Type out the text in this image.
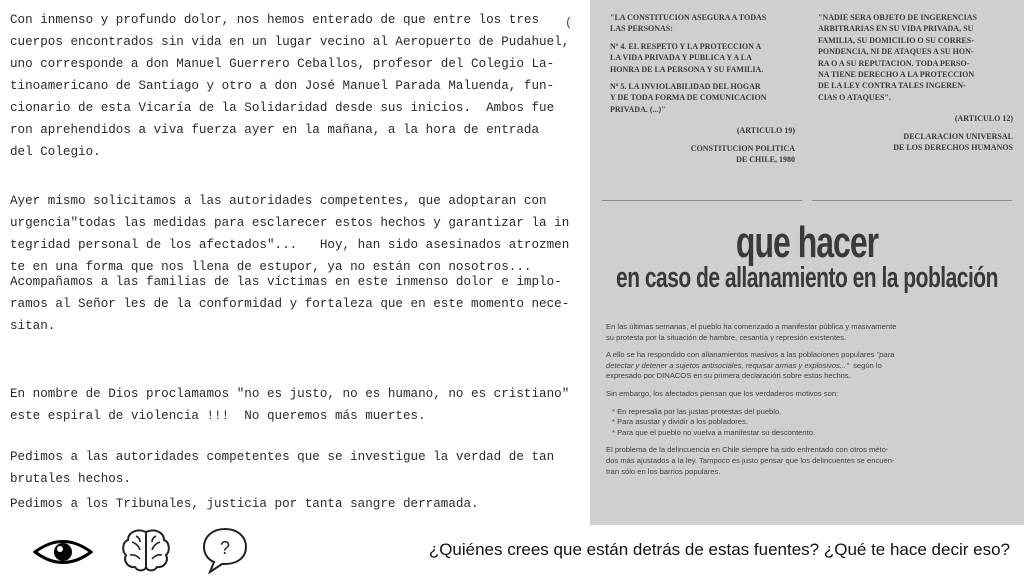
Con inmenso y profundo dolor, nos hemos enterado de que entre los tres
cuerpos encontrados sin vida en un lugar vecino al Aeropuerto de Pudahuel,
uno corresponde a don Manuel Guerrero Ceballos, profesor del Colegio La-
tinoamericano de Santiago y otro a don José Manuel Parada Maluenda, fun-
cionario de esta Vicaría de la Solidaridad desde sus inicios.  Ambos fue
ron aprehendidos a viva fuerza ayer en la mañana, a la hora de entrada
del Colegio.

(

Ayer mismo solicitamos a las autoridades competentes, que adoptaran con
urgencia"todas las medidas para esclarecer estos hechos y garantizar la in
tegridad personal de los afectados"...   Hoy, han sido asesinados atrozmen
te en una forma que nos llena de estupor, ya no están con nosotros...

Acompañamos a las familias de las víctimas en este inmenso dolor e implo-
ramos al Señor les de la conformidad y fortaleza que en este momento nece-
sitan.

En nombre de Dios proclamamos "no es justo, no es humano, no es cristiano"
este espiral de violencia !!!  No queremos más muertes.

Pedimos a las autoridades competentes que se investigue la verdad de tan
brutales hechos.

Pedimos a los Tribunales, justicia por tanta sangre derramada.

"LA CONSTITUCION ASEGURA A TODAS
LAS PERSONAS:

Nº 4. EL RESPETO Y LA PROTECCION A
LA VIDA PRIVADA Y PUBLICA Y A LA
HONRA DE LA PERSONA Y SU FAMILIA.

Nº 5. LA INVIOLABILIDAD DEL HOGAR
Y DE TODA FORMA DE COMUNICACION
PRIVADA. (...)"

(ARTICULO 19)

CONSTITUCION POLITICA
DE CHILE, 1980

"NADIE SERA OBJETO DE INGERENCIAS
ARBITRARIAS EN SU VIDA PRIVADA, SU
FAMILIA, SU DOMICILIO O SU CORRES-
PONDENCIA, NI DE ATAQUES A SU HON-
RA O A SU REPUTACION. TODA PERSO-
NA TIENE DERECHO A LA PROTECCION
DE LA LEY CONTRA TALES INGEREN-
CIAS O ATAQUES".

(ARTICULO 12)

DECLARACION UNIVERSAL
DE LOS DERECHOS HUMANOS

que hacer
en caso de allanamiento en la población

En las últimas semanas, el pueblo ha comenzado a manifestar pública y masivamente
su protesta por la situación de hambre, cesantía y represión existentes.

A ello se ha respondido con allanamientos masivos a las poblaciones populares "para
detectar y detener a sujetos antisociales, requisar armas y explosivos..."  según lo
expresado por DINACOS en su primera declaración sobre estos hechos.

Sin embargo, los afectados piensan que los verdaderos motivos son:

* En represalia por las justas protestas del pueblo.
* Para asustar y dividir a los pobladores.
* Para que el pueblo no vuelva a manifestar su descontento.

El problema de la delincuencia en Chile siempre ha sido enfrentado con otros méto-
dos más ajustados a la ley. Tampoco es justo pensar que los delincuentes se encuen-
tran sólo en los barrios populares.

?	¿Quiénes crees que están detrás de estas fuentes? ¿Qué te hace decir eso?
